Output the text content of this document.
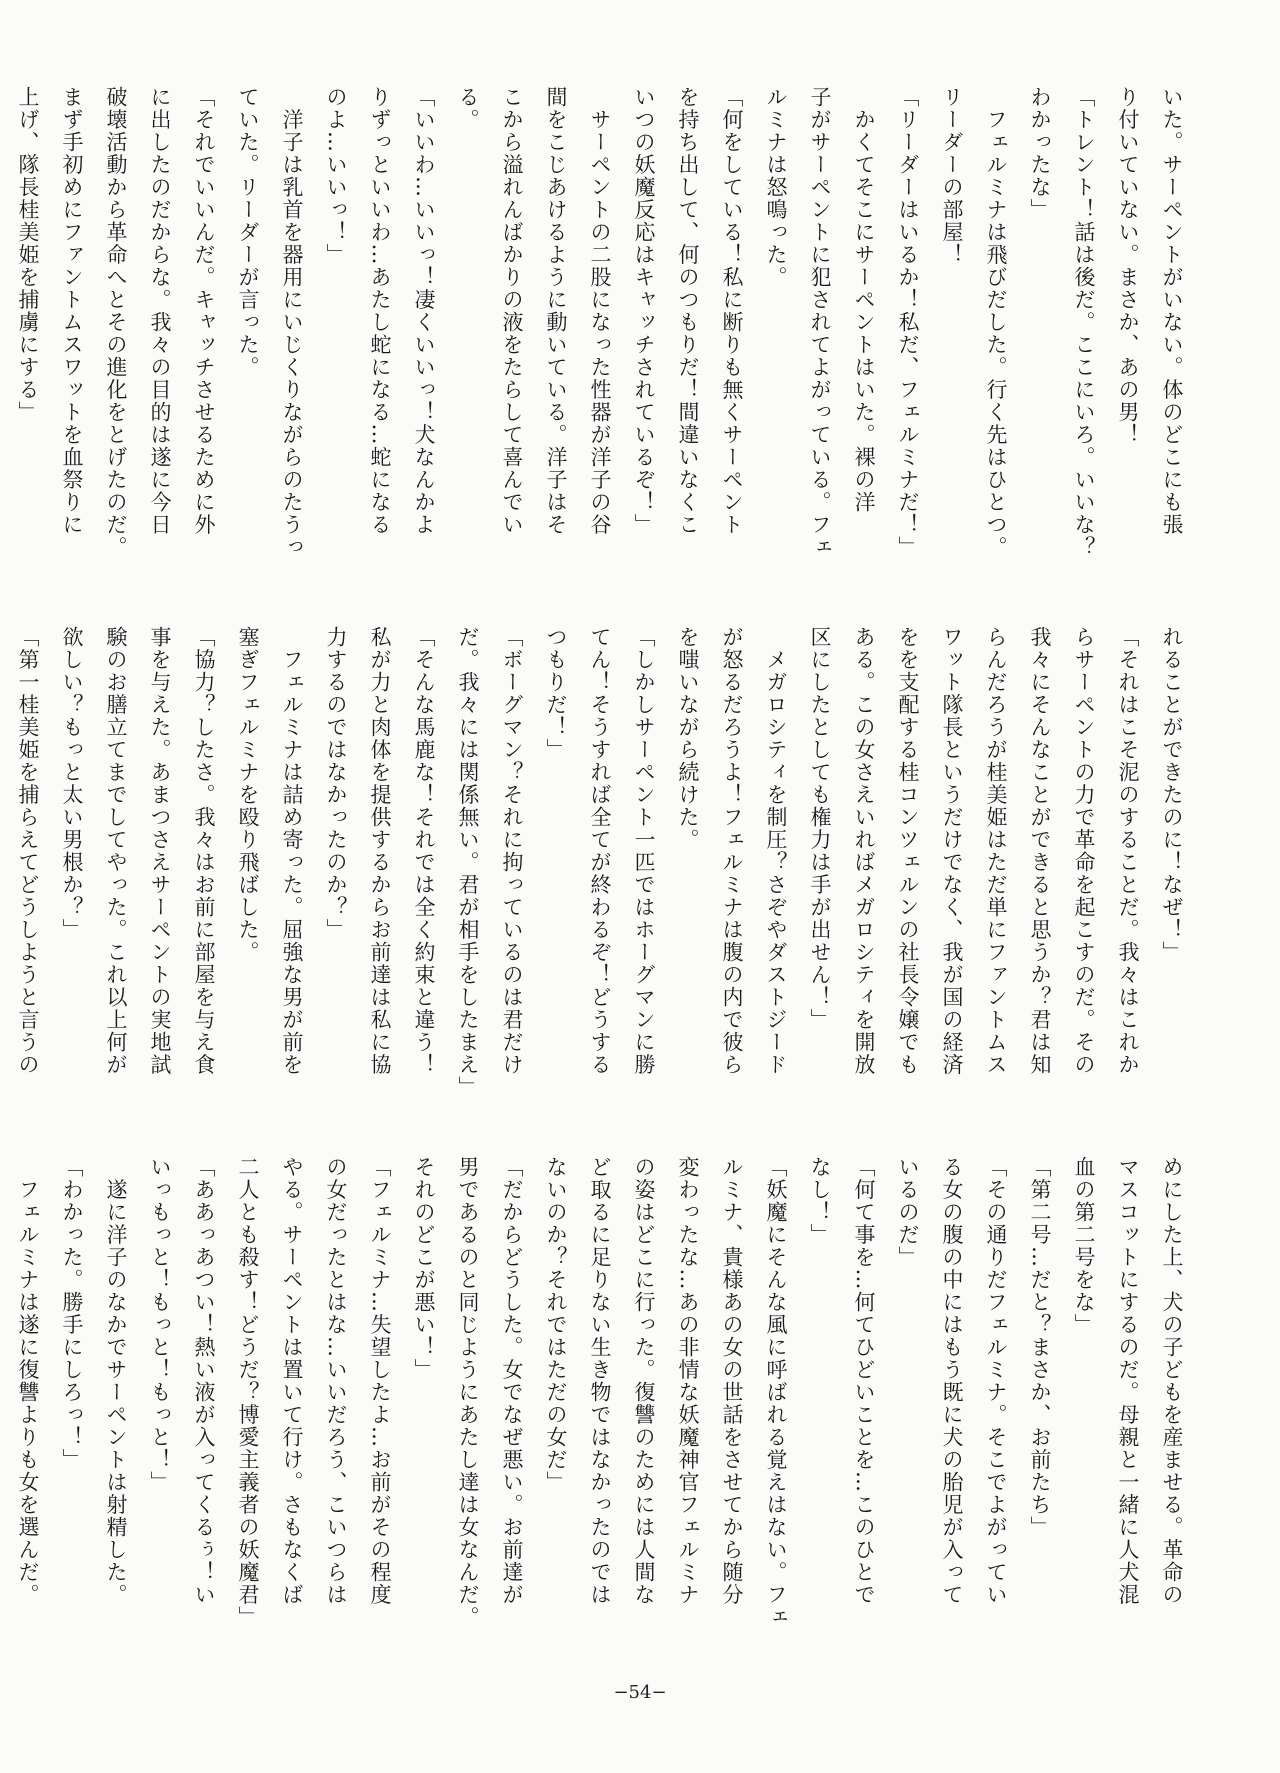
いた。サーペントがいない。体のどこにも張
り付いていない。まさか、あの男！
「トレント！話は後だ。ここにいろ。いいな？
わかったな」
　フェルミナは飛びだした。行く先はひとつ。
リーダーの部屋！
「リーダーはいるか！私だ、フェルミナだ！」
　かくてそこにサーペントはいた。裸の洋
子がサーペントに犯されてよがっている。フェ
ルミナは怒鳴った。
「何をしている！私に断りも無くサーペント
を持ち出して、何のつもりだ！間違いなくこ
いつの妖魔反応はキャッチされているぞ！」
　サーペントの二股になった性器が洋子の谷
間をこじあけるように動いている。洋子はそ
こから溢れんばかりの液をたらして喜んでい
る。
「いいわ…いいっ！凄くいいっ！犬なんかよ
りずっといいわ…あたし蛇になる…蛇になる
のよ…いいっ！」
　洋子は乳首を器用にいじくりながらのたうっ
ていた。リーダーが言った。
「それでいいんだ。キャッチさせるために外
に出したのだからな。我々の目的は遂に今日
破壊活動から革命へとその進化をとげたのだ。
まず手初めにファントムスワットを血祭りに
上げ、隊長桂美姫を捕虜にする」
れることができたのに！なぜ！」
「それはこそ泥のすることだ。我々はこれか
らサーペントの力で革命を起こすのだ。その
我々にそんなことができると思うか？君は知
らんだろうが桂美姫はただ単にファントムス
ワット隊長というだけでなく、我が国の経済
をを支配する桂コンツェルンの社長令嬢でも
ある。この女さえいればメガロシティを開放
区にしたとしても権力は手が出せん！」
　メガロシティを制圧？さぞやダストジード
が怒るだろうよ！フェルミナは腹の内で彼ら
を嗤いながら続けた。
「しかしサーペント一匹ではホーグマンに勝
てん！そうすれば全てが終わるぞ！どうする
つもりだ！」
「ボーグマン？それに拘っているのは君だけ
だ。我々には関係無い。君が相手をしたまえ」
「そんな馬鹿な！それでは全く約束と違う！
私が力と肉体を提供するからお前達は私に協
力するのではなかったのか？」
　フェルミナは詰め寄った。屈強な男が前を
塞ぎフェルミナを殴り飛ばした。
「協力？したさ。我々はお前に部屋を与え食
事を与えた。あまつさえサーペントの実地試
験のお膳立てまでしてやった。これ以上何が
欲しい？もっと太い男根か？」
「第一桂美姫を捕らえてどうしようと言うの
めにした上、犬の子どもを産ませる。革命の
マスコットにするのだ。母親と一緒に人犬混
血の第二号をな」
「第二号…だと？まさか、お前たち」
「その通りだフェルミナ。そこでよがってい
る女の腹の中にはもう既に犬の胎児が入って
いるのだ」
「何て事を…何てひどいことを…このひとで
なし！」
「妖魔にそんな風に呼ばれる覚えはない。フェ
ルミナ、貴様あの女の世話をさせてから随分
変わったな…あの非情な妖魔神官フェルミナ
の姿はどこに行った。復讐のためには人間な
ど取るに足りない生き物ではなかったのでは
ないのか？それではただの女だ」
「だからどうした。女でなぜ悪い。お前達が
男であるのと同じようにあたし達は女なんだ。
それのどこが悪い！」
「フェルミナ…失望したよ…お前がその程度
の女だったとはな…いいだろう、こいつらは
やる。サーペントは置いて行け。さもなくば
二人とも殺す！どうだ？博愛主義者の妖魔君」
「ああっあつい！熱い液が入ってくるぅ！い
いっもっと！もっと！もっと！」
　遂に洋子のなかでサーペントは射精した。
「わかった。勝手にしろっ！」
　フェルミナは遂に復讐よりも女を選んだ。
−54−
